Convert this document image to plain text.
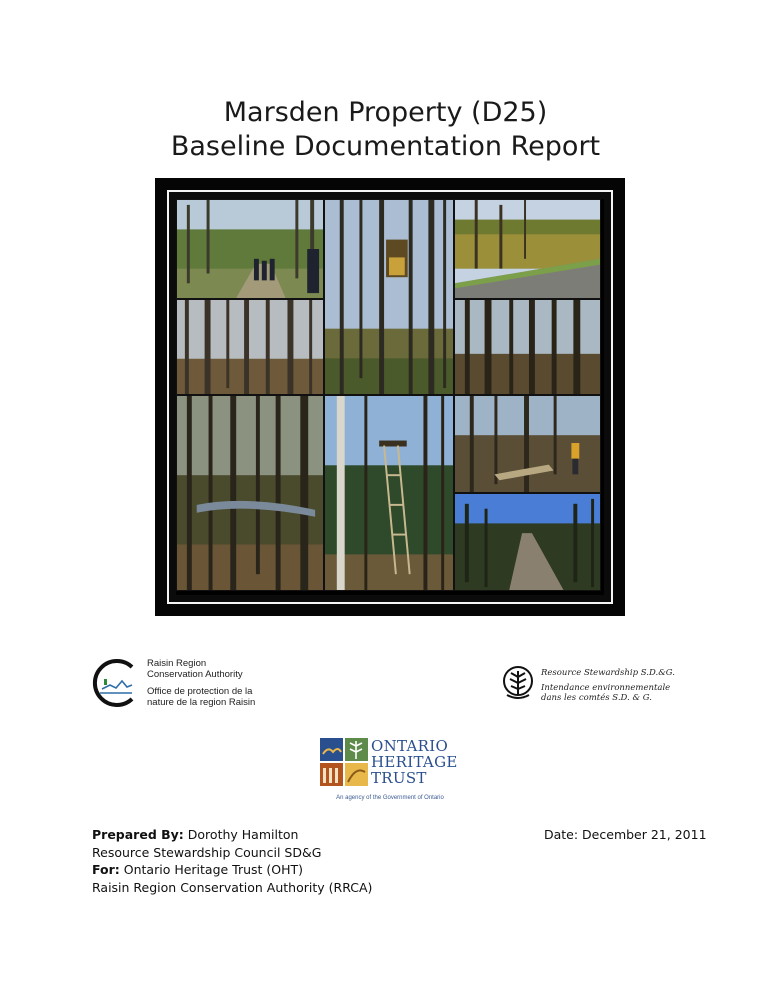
Marsden Property (D25)
Baseline Documentation Report
Raisin Region
Conservation Authority
Office de protection de la
nature de la region Raisin
Resource Stewardship S.D.&G.
Intendance environnementale
dans les comtés S.D. & G.
ONTARIO
HERITAGE
TRUST
An agency of the Government of Ontario
Prepared By: Dorothy Hamilton
Resource Stewardship Council SD&G
For: Ontario Heritage Trust (OHT)
Raisin Region Conservation Authority (RRCA)
Date: December 21, 2011
